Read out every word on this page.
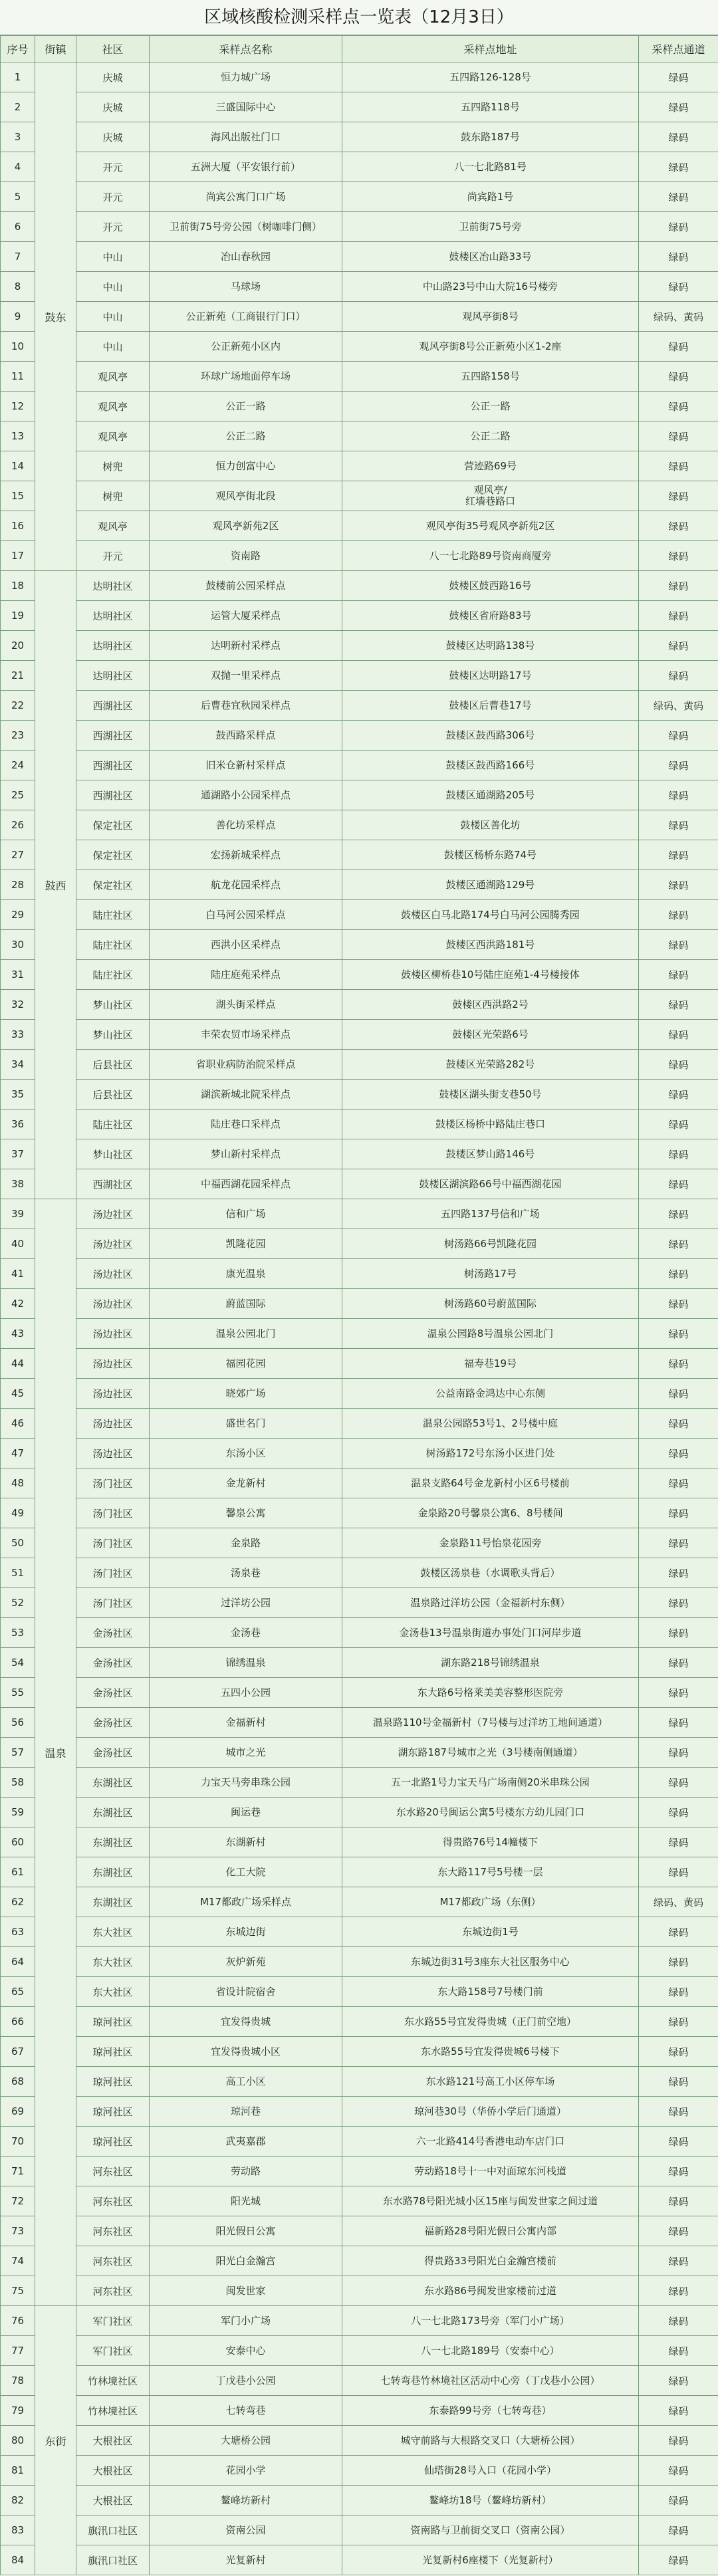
区域核酸检测采样点一览表（12月3日）
序号	街镇	社区	采样点名称	采样点地址	采样点通道
1	鼓东	庆城	恒力城广场	五四路126-128号	绿码
2		庆城	三盛国际中心	五四路118号	绿码
3		庆城	海风出版社门口	鼓东路187号	绿码
4		开元	五洲大厦（平安银行前）	八一七北路81号	绿码
5		开元	尚宾公寓门口广场	尚宾路1号	绿码
6		开元	卫前街75号旁公园（树咖啡门侧）	卫前街75号旁	绿码
7		中山	冶山春秋园	鼓楼区冶山路33号	绿码
8		中山	马球场	中山路23号中山大院16号楼旁	绿码
9		中山	公正新苑（工商银行门口）	观风亭街8号	绿码、黄码
10		中山	公正新苑小区内	观风亭街8号公正新苑小区1-2座	绿码
11		观风亭	环球广场地面停车场	五四路158号	绿码
12		观风亭	公正一路	公正一路	绿码
13		观风亭	公正二路	公正二路	绿码
14		树兜	恒力创富中心	营迹路69号	绿码
15		树兜	观风亭街北段	观风亭/
红墙巷路口	绿码
16		观风亭	观风亭新苑2区	观风亭街35号观风亭新苑2区	绿码
17		开元	资南路	八一七北路89号资南商厦旁	绿码
18	鼓西	达明社区	鼓楼前公园采样点	鼓楼区鼓西路16号	绿码
19		达明社区	运管大厦采样点	鼓楼区省府路83号	绿码
20		达明社区	达明新村采样点	鼓楼区达明路138号	绿码
21		达明社区	双抛一里采样点	鼓楼区达明路17号	绿码
22		西湖社区	后曹巷宜秋园采样点	鼓楼区后曹巷17号	绿码、黄码
23		西湖社区	鼓西路采样点	鼓楼区鼓西路306号	绿码
24		西湖社区	旧米仓新村采样点	鼓楼区鼓西路166号	绿码
25		西湖社区	通湖路小公园采样点	鼓楼区通湖路205号	绿码
26		保定社区	善化坊采样点	鼓楼区善化坊	绿码
27		保定社区	宏扬新城采样点	鼓楼区杨桥东路74号	绿码
28		保定社区	航龙花园采样点	鼓楼区通湖路129号	绿码
29		陆庄社区	白马河公园采样点	鼓楼区白马北路174号白马河公园腾秀园	绿码
30		陆庄社区	西洪小区采样点	鼓楼区西洪路181号	绿码
31		陆庄社区	陆庄庭苑采样点	鼓楼区柳桥巷10号陆庄庭苑1-4号楼接体	绿码
32		梦山社区	湖头街采样点	鼓楼区西洪路2号	绿码
33		梦山社区	丰荣农贸市场采样点	鼓楼区光荣路6号	绿码
34		后县社区	省职业病防治院采样点	鼓楼区光荣路282号	绿码
35		后县社区	湖滨新城北院采样点	鼓楼区湖头街支巷50号	绿码
36		陆庄社区	陆庄巷口采样点	鼓楼区杨桥中路陆庄巷口	绿码
37		梦山社区	梦山新村采样点	鼓楼区梦山路146号	绿码
38		西湖社区	中福西湖花园采样点	鼓楼区湖滨路66号中福西湖花园	绿码
39	温泉	汤边社区	信和广场	五四路137号信和广场	绿码
40		汤边社区	凯隆花园	树汤路66号凯隆花园	绿码
41		汤边社区	康光温泉	树汤路17号	绿码
42		汤边社区	蔚蓝国际	树汤路60号蔚蓝国际	绿码
43		汤边社区	温泉公园北门	温泉公园路8号温泉公园北门	绿码
44		汤边社区	福园花园	福寿巷19号	绿码
45		汤边社区	晓郊广场	公益南路金鸿达中心东侧	绿码
46		汤边社区	盛世名门	温泉公园路53号1、2号楼中庭	绿码
47		汤边社区	东汤小区	树汤路172号东汤小区进门处	绿码
48		汤门社区	金龙新村	温泉支路64号金龙新村小区6号楼前	绿码
49		汤门社区	馨泉公寓	金泉路20号馨泉公寓6、8号楼间	绿码
50		汤门社区	金泉路	金泉路11号怡泉花园旁	绿码
51		汤门社区	汤泉巷	鼓楼区汤泉巷（水调歌头背后）	绿码
52		汤门社区	过洋坊公园	温泉路过洋坊公园（金福新村东侧）	绿码
53		金汤社区	金汤巷	金汤巷13号温泉街道办事处门口河岸步道	绿码
54		金汤社区	锦绣温泉	湖东路218号锦绣温泉	绿码
55		金汤社区	五四小公园	东大路6号格莱美美容整形医院旁	绿码
56		金汤社区	金福新村	温泉路110号金福新村（7号楼与过洋坊工地间通道）	绿码
57		金汤社区	城市之光	湖东路187号城市之光（3号楼南侧通道）	绿码
58		东湖社区	力宝天马旁串珠公园	五一北路1号力宝天马广场南侧20米串珠公园	绿码
59		东湖社区	闽运巷	东水路20号闽运公寓5号楼东方幼儿园门口	绿码
60		东湖社区	东湖新村	得贵路76号14幢楼下	绿码
61		东湖社区	化工大院	东大路117号5号楼一层	绿码
62		东湖社区	M17都政广场采样点	M17都政广场（东侧）	绿码、黄码
63		东大社区	东城边街	东城边街1号	绿码
64		东大社区	灰炉新苑	东城边街31号3座东大社区服务中心	绿码
65		东大社区	省设计院宿舍	东大路158号7号楼门前	绿码
66		琼河社区	宜发得贵城	东水路55号宜发得贵城（正门前空地）	绿码
67		琼河社区	宜发得贵城小区	东水路55号宜发得贵城6号楼下	绿码
68		琼河社区	高工小区	东水路121号高工小区停车场	绿码
69		琼河社区	琼河巷	琼河巷30号（华侨小学后门通道）	绿码
70		琼河社区	武夷嘉郡	六一北路414号香港电动车店门口	绿码
71		河东社区	劳动路	劳动路18号十一中对面琼东河栈道	绿码
72		河东社区	阳光城	东水路78号阳光城小区15座与闽发世家之间过道	绿码
73		河东社区	阳光假日公寓	福新路28号阳光假日公寓内部	绿码
74		河东社区	阳光白金瀚宫	得贵路33号阳光白金瀚宫楼前	绿码
75		河东社区	闽发世家	东水路86号闽发世家楼前过道	绿码
76	东街	军门社区	军门小广场	八一七北路173号旁（军门小广场）	绿码
77		军门社区	安泰中心	八一七北路189号（安泰中心）	绿码
78		竹林境社区	丁戊巷小公园	七转弯巷竹林境社区活动中心旁（丁戊巷小公园）	绿码
79		竹林境社区	七转弯巷	东泰路99号旁（七转弯巷）	绿码
80		大根社区	大塘桥公园	城守前路与大根路交叉口（大塘桥公园）	绿码
81		大根社区	花园小学	仙塔街28号入口（花园小学）	绿码
82		大根社区	鳌峰坊新村	鳌峰坊18号（鳌峰坊新村）	绿码
83		旗汛口社区	资南公园	资南路与卫前街交叉口（资南公园）	绿码
84		旗汛口社区	光复新村	光复新村6座楼下（光复新村）	绿码
